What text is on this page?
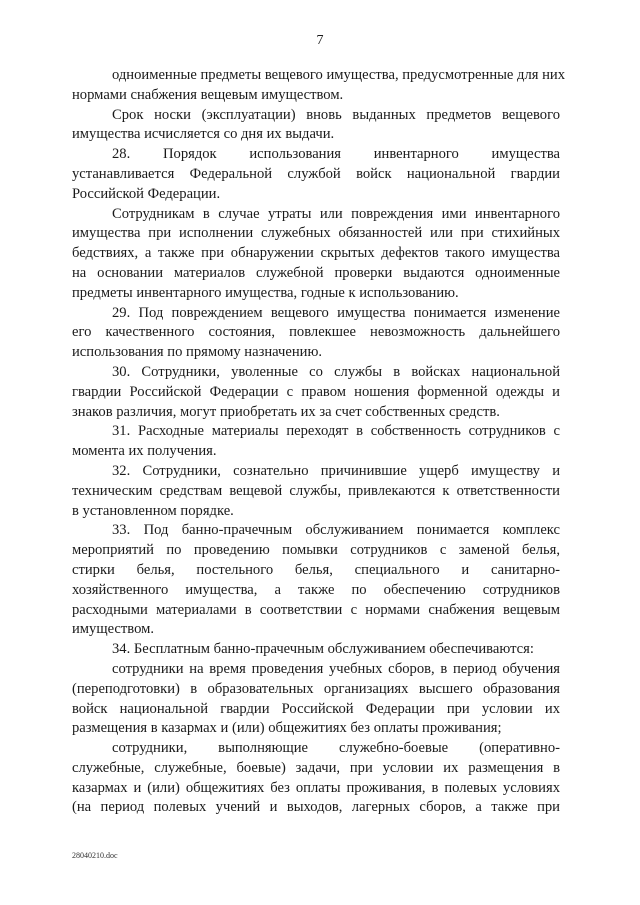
7
одноименные предметы вещевого имущества, предусмотренные для них
нормами снабжения вещевым имуществом.
Срок носки (эксплуатации) вновь выданных предметов вещевого
имущества исчисляется со дня их выдачи.
28. Порядок использования инвентарного имущества
устанавливается Федеральной службой войск национальной гвардии
Российской Федерации.
Сотрудникам в случае утраты или повреждения ими инвентарного
имущества при исполнении служебных обязанностей или при стихийных
бедствиях, а также при обнаружении скрытых дефектов такого имущества
на основании материалов служебной проверки выдаются одноименные
предметы инвентарного имущества, годные к использованию.
29. Под повреждением вещевого имущества понимается изменение
его качественного состояния, повлекшее невозможность дальнейшего
использования по прямому назначению.
30. Сотрудники, уволенные со службы в войсках национальной
гвардии Российской Федерации с правом ношения форменной одежды и
знаков различия, могут приобретать их за счет собственных средств.
31. Расходные материалы переходят в собственность сотрудников с
момента их получения.
32. Сотрудники, сознательно причинившие ущерб имуществу и
техническим средствам вещевой службы, привлекаются к ответственности
в установленном порядке.
33. Под банно-прачечным обслуживанием понимается комплекс
мероприятий по проведению помывки сотрудников с заменой белья,
стирки белья, постельного белья, специального и санитарно-
хозяйственного имущества, а также по обеспечению сотрудников
расходными материалами в соответствии с нормами снабжения вещевым
имуществом.
34. Бесплатным банно-прачечным обслуживанием обеспечиваются:
сотрудники на время проведения учебных сборов, в период обучения
(переподготовки) в образовательных организациях высшего образования
войск национальной гвардии Российской Федерации при условии их
размещения в казармах и (или) общежитиях без оплаты проживания;
сотрудники, выполняющие служебно-боевые (оперативно-
служебные, служебные, боевые) задачи, при условии их размещения в
казармах и (или) общежитиях без оплаты проживания, в полевых условиях
(на период полевых учений и выходов, лагерных сборов, а также при
28040210.doc
